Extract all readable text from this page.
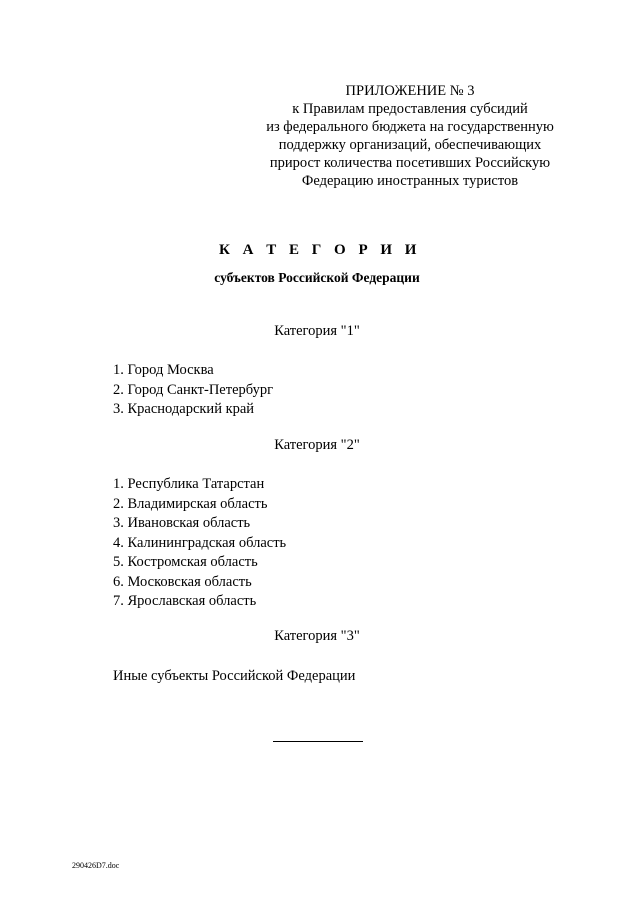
ПРИЛОЖЕНИЕ № 3
к Правилам предоставления субсидий
из федерального бюджета на государственную
поддержку организаций, обеспечивающих
прирост количества посетивших Российскую
Федерацию иностранных туристов
К А Т Е Г О Р И И
субъектов Российской Федерации
Категория "1"
1. Город Москва
2. Город Санкт-Петербург
3. Краснодарский край
Категория "2"
1. Республика Татарстан
2. Владимирская область
3. Ивановская область
4. Калининградская область
5. Костромская область
6. Московская область
7. Ярославская область
Категория "3"
Иные субъекты Российской Федерации
290426D7.doc
